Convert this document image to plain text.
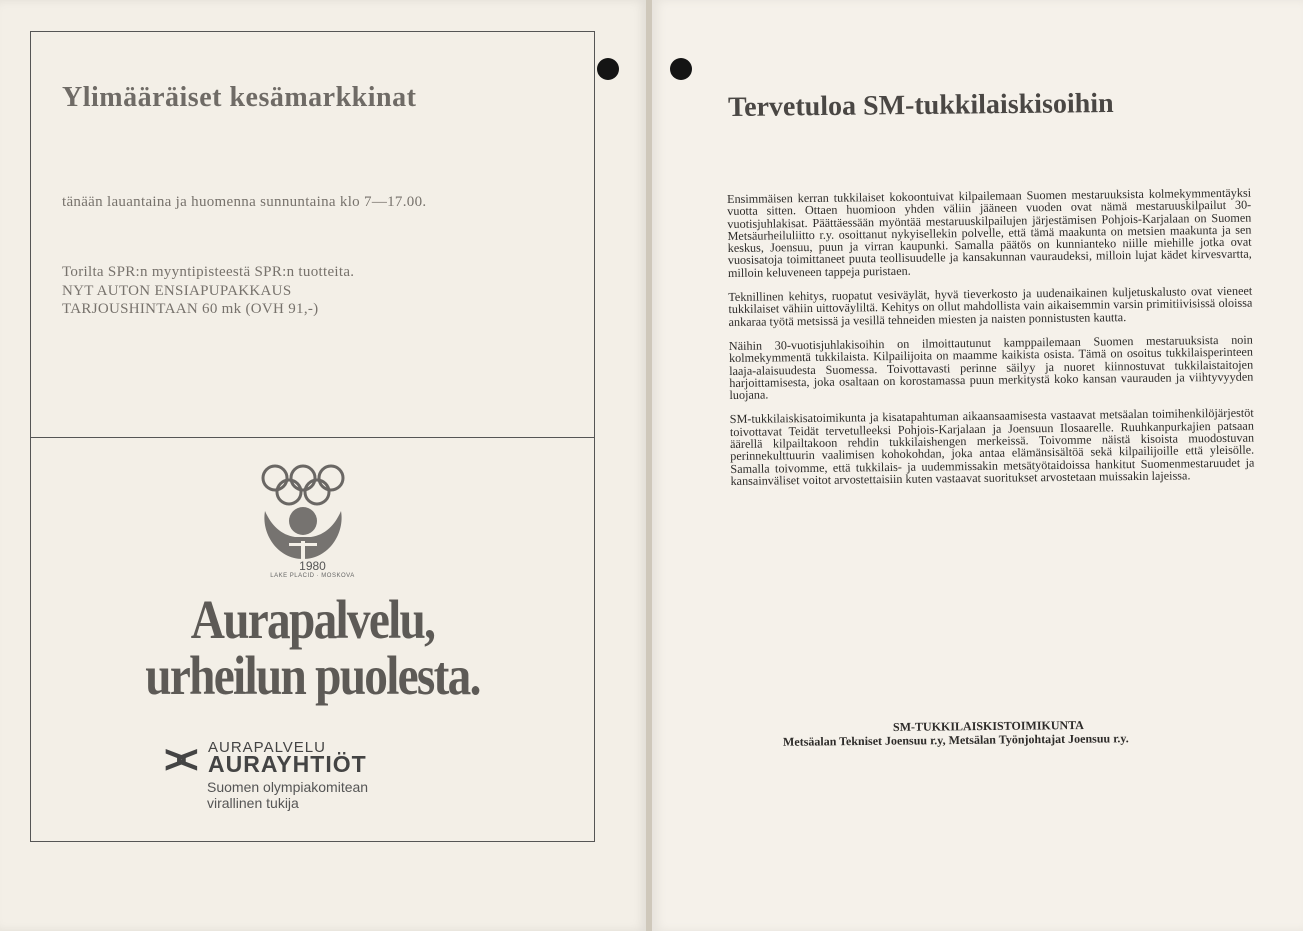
Ylimääräiset kesämarkkinat
tänään lauantaina ja huomenna sunnuntaina klo 7—17.00.
Torilta SPR:n myyntipisteestä SPR:n tuotteita.
NYT AUTON ENSIAPUPAKKAUS
TARJOUSHINTAAN 60 mk (OVH 91,-)
1980
LAKE PLACID · MOSKOVA
Aurapalvelu,
urheilun puolesta.
>< AURAPALVELU
AURAYHTIÖT
Suomen olympiakomitean
virallinen tukija
Tervetuloa SM-tukkilaiskisoihin

Ensimmäisen kerran tukkilaiset kokoontuivat kilpailemaan Suomen mestaruuksista kolmekymmentäyksi vuotta sitten. Ottaen huomioon yhden väliin jääneen vuoden ovat nämä mestaruuskilpailut 30-vuotisjuhlakisat. Päättäessään myöntää mestaruuskilpailujen järjestämisen Pohjois-Karjalaan on Suomen Metsäurheiluliitto r.y. osoittanut nykyisellekin polvelle, että tämä maakunta on metsien maakunta ja sen keskus, Joensuu, puun ja virran kaupunki. Samalla päätös on kunnianteko niille miehille jotka ovat vuosisatoja toimittaneet puuta teollisuudelle ja kansakunnan vauraudeksi, milloin lujat kädet kirvesvartta, milloin keluveneen tappeja puristaen.

Teknillinen kehitys, ruopatut vesiväylät, hyvä tieverkosto ja uudenaikainen kuljetuskalusto ovat vieneet tukkilaiset vähiin uittoväyliltä. Kehitys on ollut mahdollista vain aikaisemmin varsin primitiivisissä oloissa ankaraa työtä metsissä ja vesillä tehneiden miesten ja naisten ponnistusten kautta.

Näihin 30-vuotisjuhlakisoihin on ilmoittautunut kamppailemaan Suomen mestaruuksista noin kolmekymmentä tukkilaista. Kilpailijoita on maamme kaikista osista. Tämä on osoitus tukkilaisperinteen laaja-alaisuudesta Suomessa. Toivottavasti perinne säilyy ja nuoret kiinnostuvat tukkilaistaitojen harjoittamisesta, joka osaltaan on korostamassa puun merkitystä koko kansan vaurauden ja viihtyvyyden luojana.

SM-tukkilaiskisatoimikunta ja kisatapahtuman aikaansaamisesta vastaavat metsäalan toimihenkilöjärjestöt toivottavat Teidät tervetulleeksi Pohjois-Karjalaan ja Joensuun Ilosaarelle. Ruuhkanpurkajien patsaan äärellä kilpailtakoon rehdin tukkilaishengen merkeissä. Toivomme näistä kisoista muodostuvan perinnekulttuurin vaalimisen kohokohdan, joka antaa elämänsisältöä sekä kilpailijoille että yleisölle. Samalla toivomme, että tukkilais- ja uudemmissakin metsätyötaidoissa hankitut Suomenmestaruudet ja kansainväliset voitot arvostettaisiin kuten vastaavat suoritukset arvostetaan muissakin lajeissa.

SM-TUKKILAISKISTOIMIKUNTA
Metsäalan Tekniset Joensuu r.y, Metsälan Työnjohtajat Joensuu r.y.
